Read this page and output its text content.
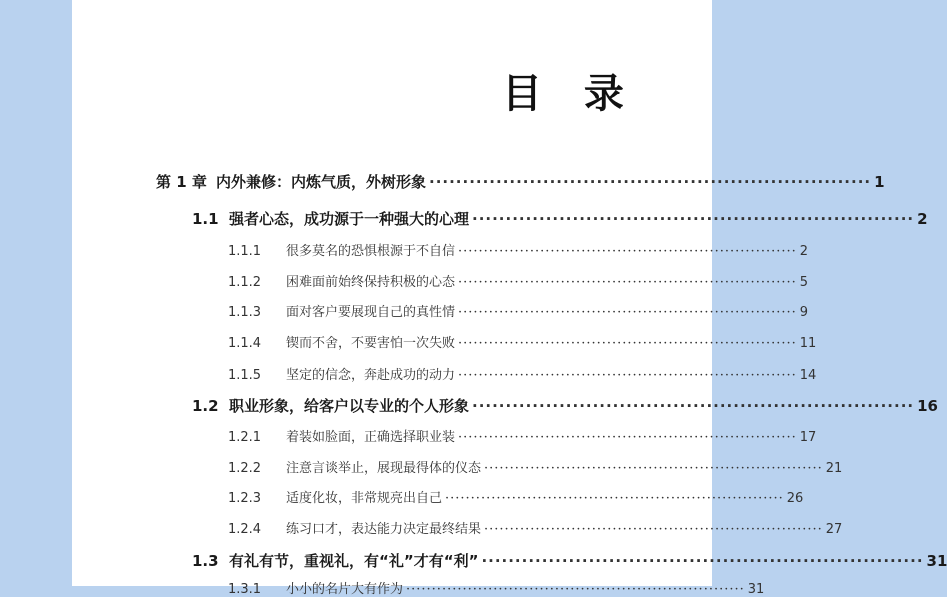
目 录
第 1 章 内外兼修：内炼气质，外树形象 ·································································· 1
1.1 强者心态，成功源于一种强大的心理 ·································································· 2
1.1.1	很多莫名的恐惧根源于不自信 ·································································· 2
1.1.2	困难面前始终保持积极的心态 ·································································· 5
1.1.3	面对客户要展现自己的真性情 ·································································· 9
1.1.4	锲而不舍，不要害怕一次失败 ·································································· 11
1.1.5	坚定的信念，奔赴成功的动力 ·································································· 14
1.2 职业形象，给客户以专业的个人形象 ·································································· 16
1.2.1	着装如脸面，正确选择职业装 ·································································· 17
1.2.2	注意言谈举止，展现最得体的仪态 ·································································· 21
1.2.3	适度化妆，非常规亮出自己 ·································································· 26
1.2.4	练习口才，表达能力决定最终结果 ·································································· 27
1.3 有礼有节，重视礼，有“礼”才有“利” ·································································· 31
1.3.1	小小的名片大有作为 ·································································· 31
